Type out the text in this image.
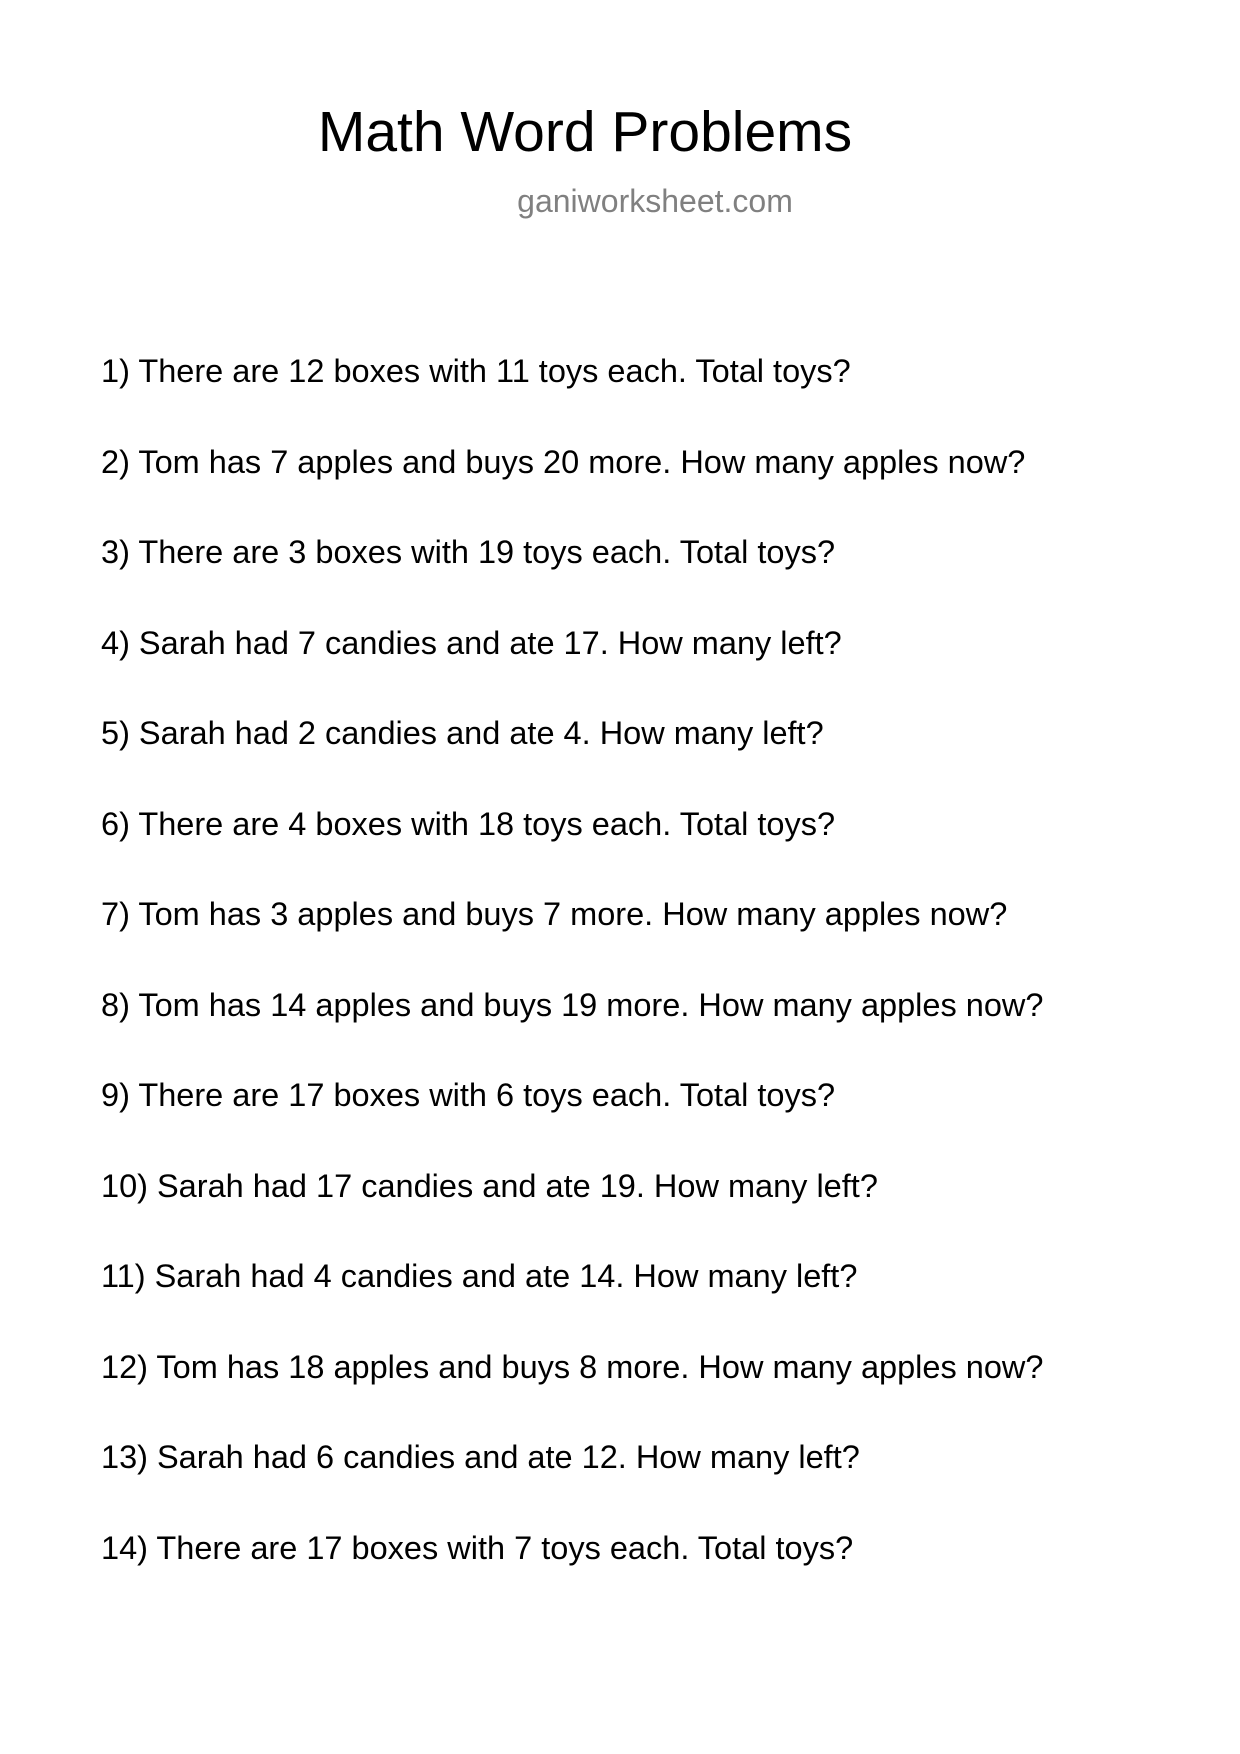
Math Word Problems
ganiworksheet.com
1) There are 12 boxes with 11 toys each. Total toys?
2) Tom has 7 apples and buys 20 more. How many apples now?
3) There are 3 boxes with 19 toys each. Total toys?
4) Sarah had 7 candies and ate 17. How many left?
5) Sarah had 2 candies and ate 4. How many left?
6) There are 4 boxes with 18 toys each. Total toys?
7) Tom has 3 apples and buys 7 more. How many apples now?
8) Tom has 14 apples and buys 19 more. How many apples now?
9) There are 17 boxes with 6 toys each. Total toys?
10) Sarah had 17 candies and ate 19. How many left?
11) Sarah had 4 candies and ate 14. How many left?
12) Tom has 18 apples and buys 8 more. How many apples now?
13) Sarah had 6 candies and ate 12. How many left?
14) There are 17 boxes with 7 toys each. Total toys?
